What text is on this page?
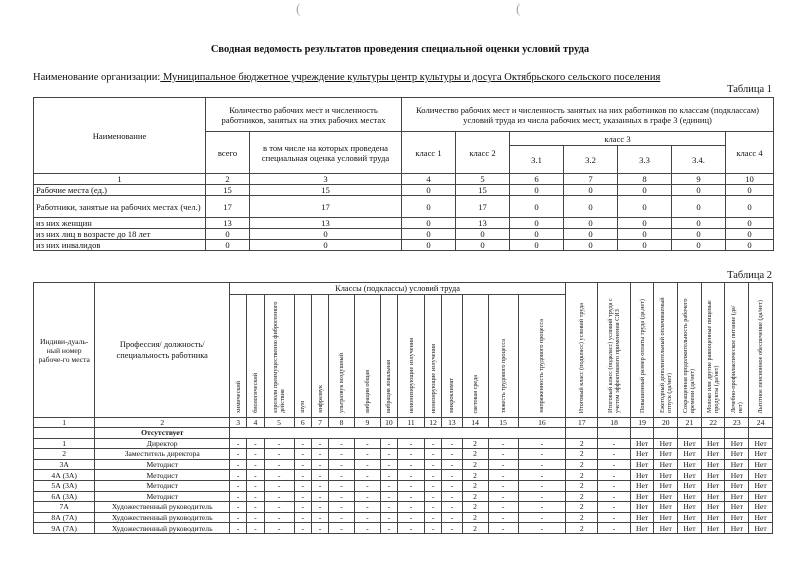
(	(
Сводная ведомость результатов проведения специальной оценки условий труда
Наименование организации: Муниципальное бюджетное учреждение культуры центр культуры и досуга Октябрьского сельского поселения
Таблица 1
Наименование	Количество рабочих мест и численность работников, занятых на этих рабочих местах		Количество рабочих мест и численность занятых на них работников по классам (подклассам) условий труда из числа рабочих мест, указанных в графе 3 (единиц)						
	всего	в том числе на которых проведена специальная оценка условий труда	класс 1	класс 2	класс 3				класс 4
					3.1	3.2	3.3	3.4.	
1	2	3	4	5	6	7	8	9	10
Рабочие места (ед.)	15	15	0	15	0	0	0	0	0
Работники, занятые на рабочих местах (чел.)	17	17	0	17	0	0	0	0	0
из них женщин	13	13	0	13	0	0	0	0	0
из них лиц в возрасте до 18 лет	0	0	0	0	0	0	0	0	0
из них инвалидов	0	0	0	0	0	0	0	0	0
Таблица 2
Индиви-дуаль-ный номер рабоче-го места	Профессия/ должность/ специальность работника	Классы (подклассы) условий труда														Итоговый класс (подкласс) условий труда	Итоговый класс (подкласс) условий труда с учетом эффективного применения СИЗ	Повышенный размер оплаты труда (да,нет)	Ежегодный дополнительный оплачиваемый отпуск (да/нет)	Сокращенная продолжительность рабочего времени (да/нет)	Молоко или другие равноценные пищевые продукты (да/нет)	Лечебно-профилактическое питание (да/нет)	Льготное пенсионное обеспечение (да/нет)
		химический	биологический	аэрозоли преимущественно фиброгенного действия	шум	инфразвук	ультразвук воздушный	вибрация общая	вибрация локальная	неионизирующие излучения	ионизирующие излучения	микроклимат	световая среда	тяжесть трудового процесса	напряженность трудового процесса								
1	2	3	4	5	6	7	8	9	10	11	12	13	14	15	16	17	18	19	20	21	22	23	24
	Отсутствует																						
1	Директор	-	-	-	-	-	-	-	-	-	-	-	2	-	-	2	-	Нет	Нет	Нет	Нет	Нет	Нет
2	Заместитель директора	-	-	-	-	-	-	-	-	-	-	-	2	-	-	2	-	Нет	Нет	Нет	Нет	Нет	Нет
3А	Методист	-	-	-	-	-	-	-	-	-	-	-	2	-	-	2	-	Нет	Нет	Нет	Нет	Нет	Нет
4А (3А)	Методист	-	-	-	-	-	-	-	-	-	-	-	2	-	-	2	-	Нет	Нет	Нет	Нет	Нет	Нет
5А (3А)	Методист	-	-	-	-	-	-	-	-	-	-	-	2	-	-	2	-	Нет	Нет	Нет	Нет	Нет	Нет
6А (3А)	Методист	-	-	-	-	-	-	-	-	-	-	-	2	-	-	2	-	Нет	Нет	Нет	Нет	Нет	Нет
7А	Художественный руководитель	-	-	-	-	-	-	-	-	-	-	-	2	-	-	2	-	Нет	Нет	Нет	Нет	Нет	Нет
8А (7А)	Художественный руководитель	-	-	-	-	-	-	-	-	-	-	-	2	-	-	2	-	Нет	Нет	Нет	Нет	Нет	Нет
9А (7А)	Художественный руководитель	-	-	-	-	-	-	-	-	-	-	-	2	-	-	2	-	Нет	Нет	Нет	Нет	Нет	Нет
